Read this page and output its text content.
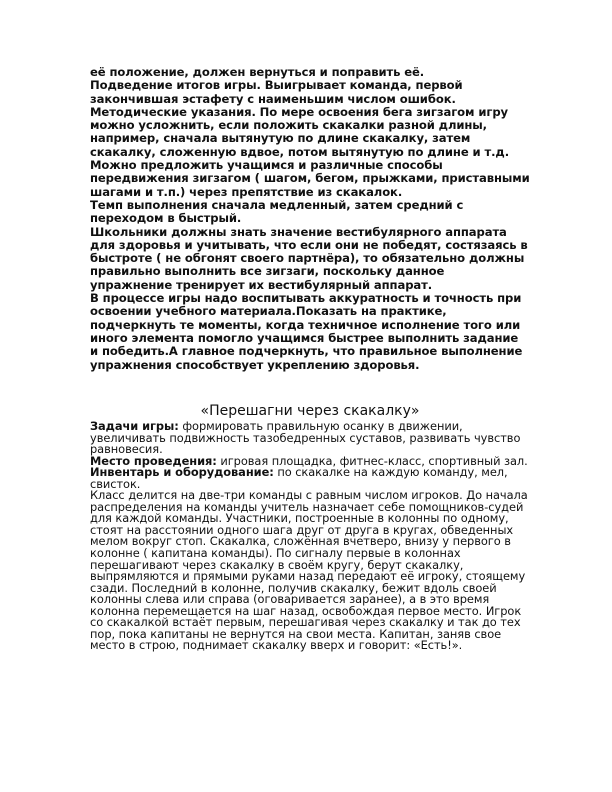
её положение, должен вернуться и поправить её.

Подведение итогов игры. Выигрывает команда, первой закончившая эстафету с наименьшим числом ошибок.

Методические указания. По мере освоения бега зигзагом игру можно усложнить, если положить скакалки разной длины, например, сначала вытянутую по длине скакалку, затем скакалку, сложенную вдвое, потом вытянутую по длине и т.д. Можно предложить учащимся и различные способы передвижения зигзагом ( шагом, бегом, прыжками, приставными шагами и т.п.) через препятствие из скакалок.

Темп выполнения сначала медленный, затем средний с переходом в быстрый.

Школьники должны знать значение вестибулярного аппарата для здоровья и учитывать, что если они не победят, состязаясь в быстроте ( не обгонят своего партнёра), то обязательно должны правильно выполнить все зигзаги, поскольку данное упражнение тренирует их вестибулярный аппарат.

В процессе игры надо воспитывать аккуратность и точность при освоении учебного материала.Показать на практике, подчеркнуть те моменты, когда техничное исполнение того или иного элемента помогло учащимся быстрее выполнить задание и победить.А главное подчеркнуть, что правильное выполнение упражнения способствует укреплению здоровья.

«Перешагни через скакалку»

Задачи игры: формировать правильную осанку в движении, увеличивать подвижность тазобедренных суставов, развивать чувство равновесия.

Место проведения: игровая площадка, фитнес-класс, спортивный зал.

Инвентарь и оборудование: по скакалке на каждую команду, мел, свисток.

Класс делится на две-три команды с равным числом игроков. До начала распределения на команды учитель назначает себе помощников-судей для каждой команды. Участники, построенные в колонны по одному, стоят на расстоянии одного шага друг от друга в кругах, обведенных мелом вокруг стоп. Скакалка, сложённая вчетверо, внизу у первого в колонне ( капитана команды). По сигналу первые в колоннах перешагивают через скакалку в своём кругу, берут скакалку, выпрямляются и прямыми руками назад передают её игроку, стоящему сзади. Последний в колонне, получив скакалку, бежит вдоль своей колонны слева или справа (оговаривается заранее), а в это время колонна перемещается на шаг назад, освобождая первое место. Игрок со скакалкой встаёт первым, перешагивая через скакалку и так до тех пор, пока капитаны не вернутся на свои места. Капитан, заняв свое место в строю, поднимает скакалку вверх и говорит: «Есть!».
